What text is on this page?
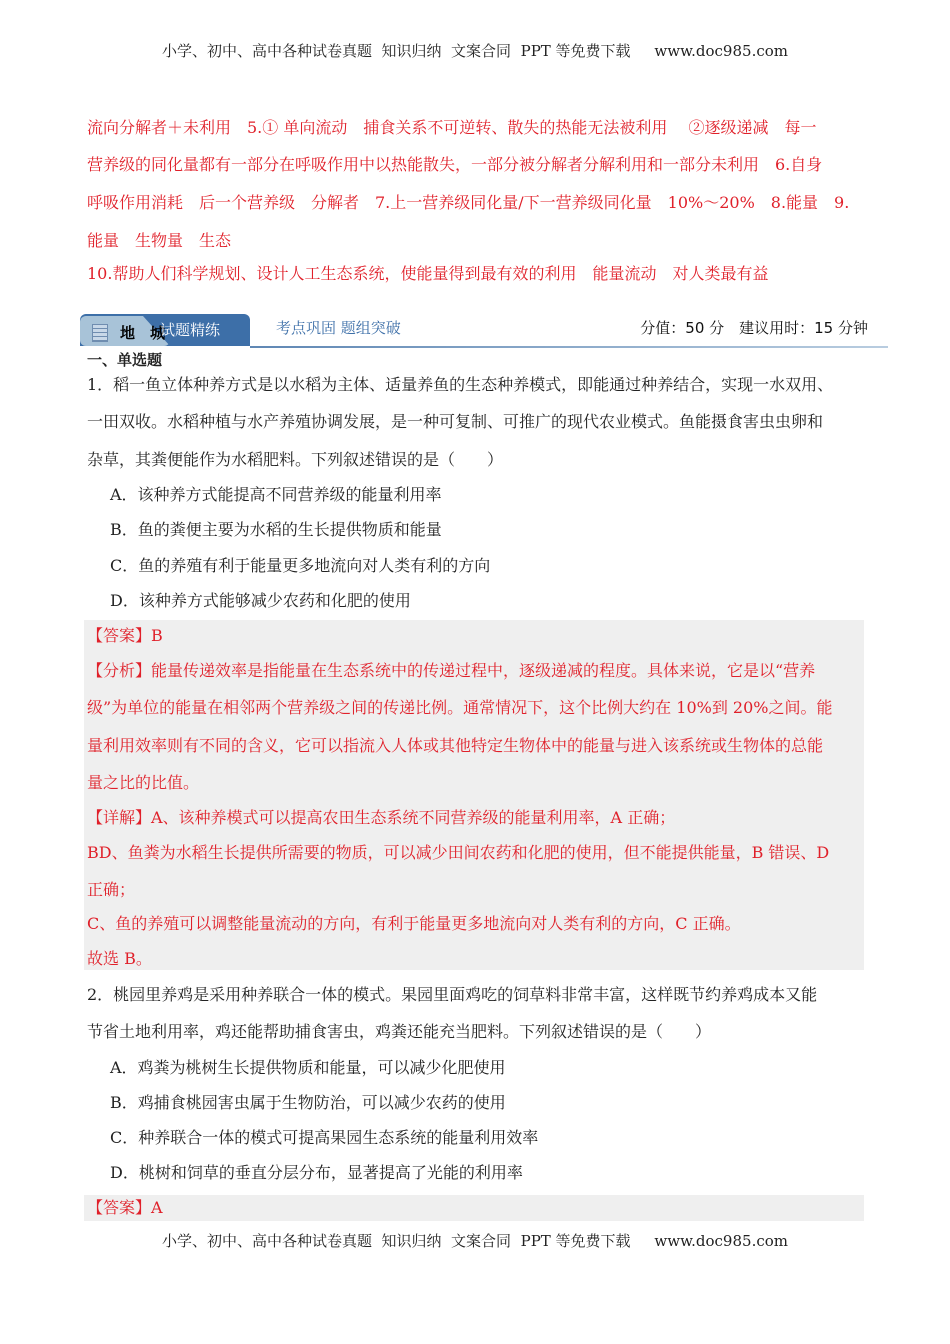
小学、初中、高中各种试卷真题  知识归纳  文案合同  PPT 等免费下载     www.doc985.com
流向分解者＋未利用　5.① 单向流动　捕食关系不可逆转、散失的热能无法被利用　 ②逐级递减　每一
营养级的同化量都有一部分在呼吸作用中以热能散失，一部分被分解者分解利用和一部分未利用　6.自身
呼吸作用消耗　后一个营养级　分解者　7.上一营养级同化量/下一营养级同化量　10%～20%　8.能量　9.
能量　生物量　生态
10.帮助人们科学规划、设计人工生态系统，使能量得到最有效的利用　能量流动　对人类最有益
地　城
试题精练	考点巩固 题组突破	分值：50 分　建议用时：15 分钟
一、单选题
1．稻一鱼立体种养方式是以水稻为主体、适量养鱼的生态种养模式，即能通过种养结合，实现一水双用、
一田双收。水稻种植与水产养殖协调发展，是一种可复制、可推广的现代农业模式。鱼能摄食害虫虫卵和
杂草，其粪便能作为水稻肥料。下列叙述错误的是（　　）
A．该种养方式能提高不同营养级的能量利用率
B．鱼的粪便主要为水稻的生长提供物质和能量
C．鱼的养殖有利于能量更多地流向对人类有利的方向
D．该种养方式能够减少农药和化肥的使用
【答案】B
【分析】能量传递效率是指能量在生态系统中的传递过程中，逐级递减的程度。具体来说，它是以“营养
级”为单位的能量在相邻两个营养级之间的传递比例。通常情况下，这个比例大约在 10%到 20%之间。能
量利用效率则有不同的含义，它可以指流入人体或其他特定生物体中的能量与进入该系统或生物体的总能
量之比的比值。
【详解】A、该种养模式可以提高农田生态系统不同营养级的能量利用率，A 正确；
BD、鱼粪为水稻生长提供所需要的物质，可以减少田间农药和化肥的使用，但不能提供能量，B 错误、D
正确；
C、鱼的养殖可以调整能量流动的方向，有利于能量更多地流向对人类有利的方向，C 正确。
故选 B。
2．桃园里养鸡是采用种养联合一体的模式。果园里面鸡吃的饲草料非常丰富，这样既节约养鸡成本又能
节省土地利用率，鸡还能帮助捕食害虫，鸡粪还能充当肥料。下列叙述错误的是（　　）
A．鸡粪为桃树生长提供物质和能量，可以减少化肥使用
B．鸡捕食桃园害虫属于生物防治，可以减少农药的使用
C．种养联合一体的模式可提高果园生态系统的能量利用效率
D．桃树和饲草的垂直分层分布，显著提高了光能的利用率
【答案】A
小学、初中、高中各种试卷真题  知识归纳  文案合同  PPT 等免费下载     www.doc985.com
